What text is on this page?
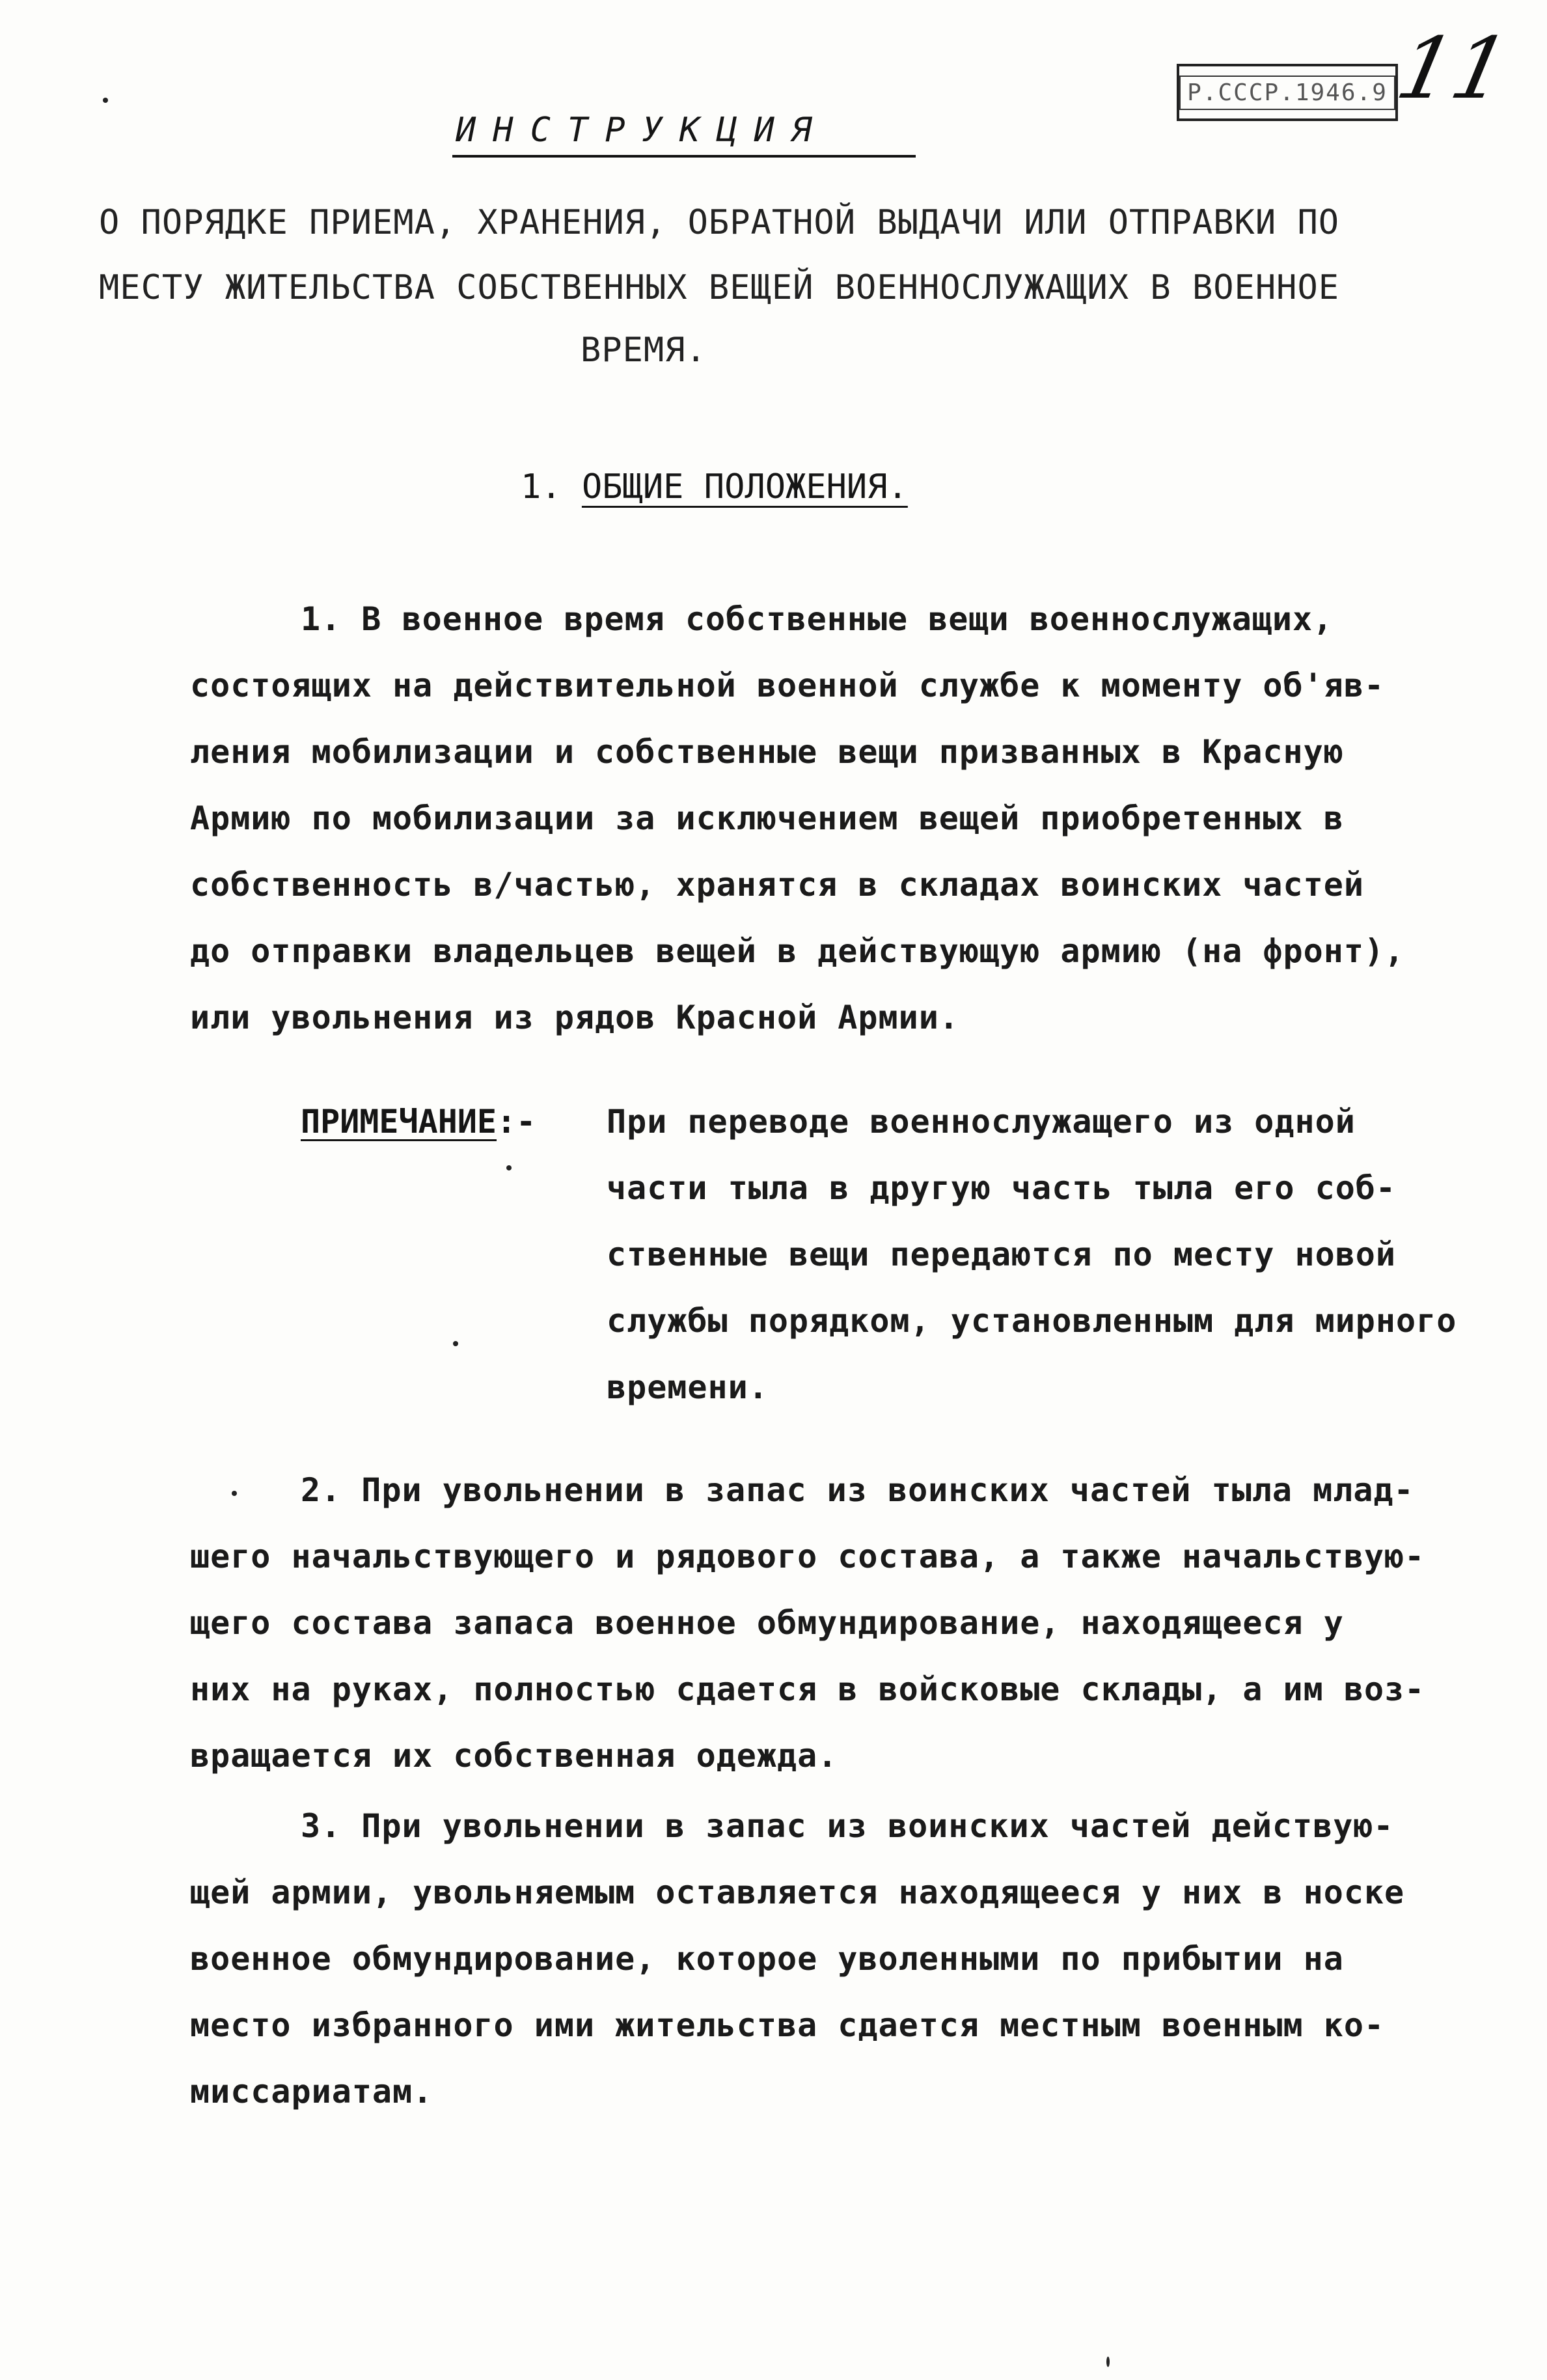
Р.СССР.1946.9 11
ИНСТРУКЦИЯ
О ПОРЯДКЕ ПРИЕМА, ХРАНЕНИЯ, ОБРАТНОЙ ВЫДАЧИ ИЛИ ОТПРАВКИ ПО
МЕСТУ ЖИТЕЛЬСТВА СОБСТВЕННЫХ ВЕЩЕЙ ВОЕННОСЛУЖАЩИХ В ВОЕННОЕ
ВРЕМЯ.
1. ОБЩИЕ ПОЛОЖЕНИЯ.
1. В военное время собственные вещи военнослужащих,
состоящих на действительной военной службе к моменту об'яв-
ления мобилизации и собственные вещи призванных в Красную
Армию по мобилизации за исключением вещей приобретенных в
собственность в/частью, хранятся в складах воинских частей
до отправки владельцев вещей в действующую армию (на фронт),
или увольнения из рядов Красной Армии.
ПРИМЕЧАНИЕ:- При переводе военнослужащего из одной
части тыла в другую часть тыла его соб-
ственные вещи передаются по месту новой
службы порядком, установленным для мирного
времени.
2. При увольнении в запас из воинских частей тыла млад-
шего начальствующего и рядового состава, а также начальствую-
щего состава запаса военное обмундирование, находящееся у
них на руках, полностью сдается в войсковые склады, а им воз-
вращается их собственная одежда.
3. При увольнении в запас из воинских частей действую-
щей армии, увольняемым оставляется находящееся у них в носке
военное обмундирование, которое уволенными по прибытии на
место избранного ими жительства сдается местным военным ко-
миссариатам.
